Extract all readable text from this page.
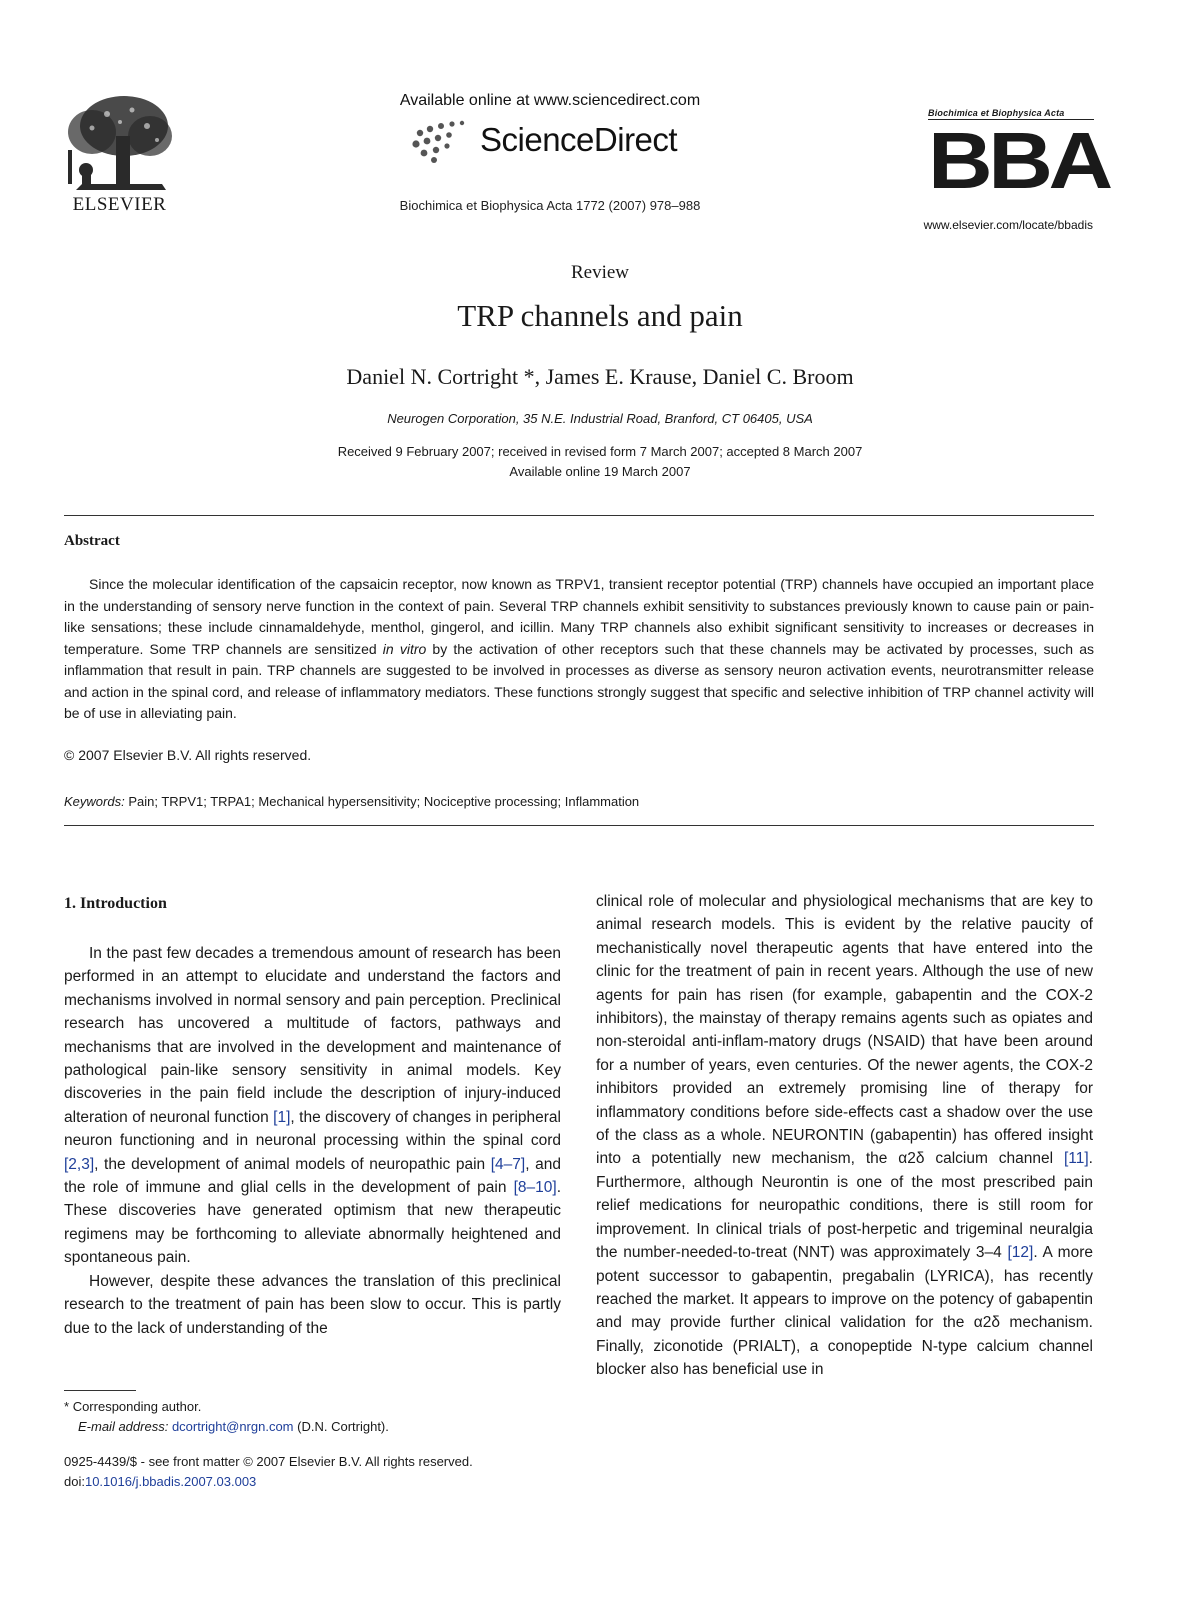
ELSEVIER
Available online at www.sciencedirect.com
ScienceDirect
Biochimica et Biophysica Acta 1772 (2007) 978–988
Biochimica et Biophysica Acta
BBA
www.elsevier.com/locate/bbadis
Review
TRP channels and pain
Daniel N. Cortright *, James E. Krause, Daniel C. Broom
Neurogen Corporation, 35 N.E. Industrial Road, Branford, CT 06405, USA
Received 9 February 2007; received in revised form 7 March 2007; accepted 8 March 2007
Available online 19 March 2007
Abstract
Since the molecular identification of the capsaicin receptor, now known as TRPV1, transient receptor potential (TRP) channels have occupied an important place in the understanding of sensory nerve function in the context of pain. Several TRP channels exhibit sensitivity to substances previously known to cause pain or pain-like sensations; these include cinnamaldehyde, menthol, gingerol, and icillin. Many TRP channels also exhibit significant sensitivity to increases or decreases in temperature. Some TRP channels are sensitized in vitro by the activation of other receptors such that these channels may be activated by processes, such as inflammation that result in pain. TRP channels are suggested to be involved in processes as diverse as sensory neuron activation events, neurotransmitter release and action in the spinal cord, and release of inflammatory mediators. These functions strongly suggest that specific and selective inhibition of TRP channel activity will be of use in alleviating pain.
© 2007 Elsevier B.V. All rights reserved.
Keywords: Pain; TRPV1; TRPA1; Mechanical hypersensitivity; Nociceptive processing; Inflammation
1. Introduction

In the past few decades a tremendous amount of research has been performed in an attempt to elucidate and understand the factors and mechanisms involved in normal sensory and pain perception. Preclinical research has uncovered a multitude of factors, pathways and mechanisms that are involved in the development and maintenance of pathological pain-like sensory sensitivity in animal models. Key discoveries in the pain field include the description of injury-induced alteration of neuronal function [1], the discovery of changes in peripheral neuron functioning and in neuronal processing within the spinal cord [2,3], the development of animal models of neuropathic pain [4–7], and the role of immune and glial cells in the development of pain [8–10]. These discoveries have generated optimism that new therapeutic regimens may be forthcoming to alleviate abnormally heightened and spontaneous pain.

However, despite these advances the translation of this preclinical research to the treatment of pain has been slow to occur. This is partly due to the lack of understanding of the

clinical role of molecular and physiological mechanisms that are key to animal research models. This is evident by the relative paucity of mechanistically novel therapeutic agents that have entered into the clinic for the treatment of pain in recent years. Although the use of new agents for pain has risen (for example, gabapentin and the COX-2 inhibitors), the mainstay of therapy remains agents such as opiates and non-steroidal anti-inflam-matory drugs (NSAID) that have been around for a number of years, even centuries. Of the newer agents, the COX-2 inhibitors provided an extremely promising line of therapy for inflammatory conditions before side-effects cast a shadow over the use of the class as a whole. NEURONTIN (gabapentin) has offered insight into a potentially new mechanism, the α2δ calcium channel [11]. Furthermore, although Neurontin is one of the most prescribed pain relief medications for neuropathic conditions, there is still room for improvement. In clinical trials of post-herpetic and trigeminal neuralgia the number-needed-to-treat (NNT) was approximately 3–4 [12]. A more potent successor to gabapentin, pregabalin (LYRICA), has recently reached the market. It appears to improve on the potency of gabapentin and may provide further clinical validation for the α2δ mechanism. Finally, ziconotide (PRIALT), a conopeptide N-type calcium channel blocker also has beneficial use in

* Corresponding author.
E-mail address: dcortright@nrgn.com (D.N. Cortright).
0925-4439/$ - see front matter © 2007 Elsevier B.V. All rights reserved.
doi:10.1016/j.bbadis.2007.03.003
